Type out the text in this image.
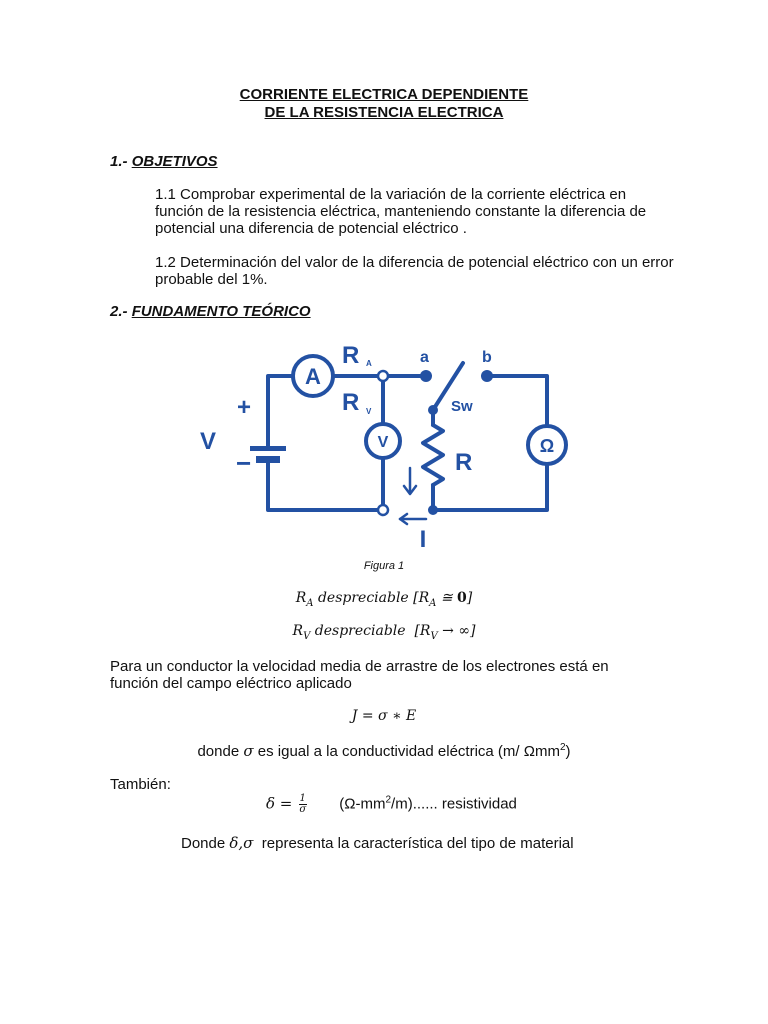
CORRIENTE ELECTRICA DEPENDIENTE
DE LA RESISTENCIA ELECTRICA
1.- OBJETIVOS
1.1 Comprobar experimental de la variación de la corriente eléctrica en función de la resistencia eléctrica, manteniendo constante la diferencia de potencial una diferencia de potencial eléctrico .
1.2 Determinación del valor de la diferencia de potencial eléctrico con un error probable del 1%.
2.- FUNDAMENTO TEÓRICO
A
V	Ω
R A
R V
a	b
Sw
R
V
+
−
I
Figura 1
$R_A$ despreciable [$R_A$ ≅ 0]
$R_V$ despreciable  [$R_V$ → ∞]
Para un conductor la velocidad media de arrastre de los electrones está en función del campo eléctrico aplicado
J = σ ∗ E
donde σ es igual a la conductividad eléctrica (m/ Ωmm$^2$)
También:
$\delta = \frac{1}{\sigma} (\Omega-mm^2/m)$...... resistividad
Donde δ,σ representa la característica del tipo de material
